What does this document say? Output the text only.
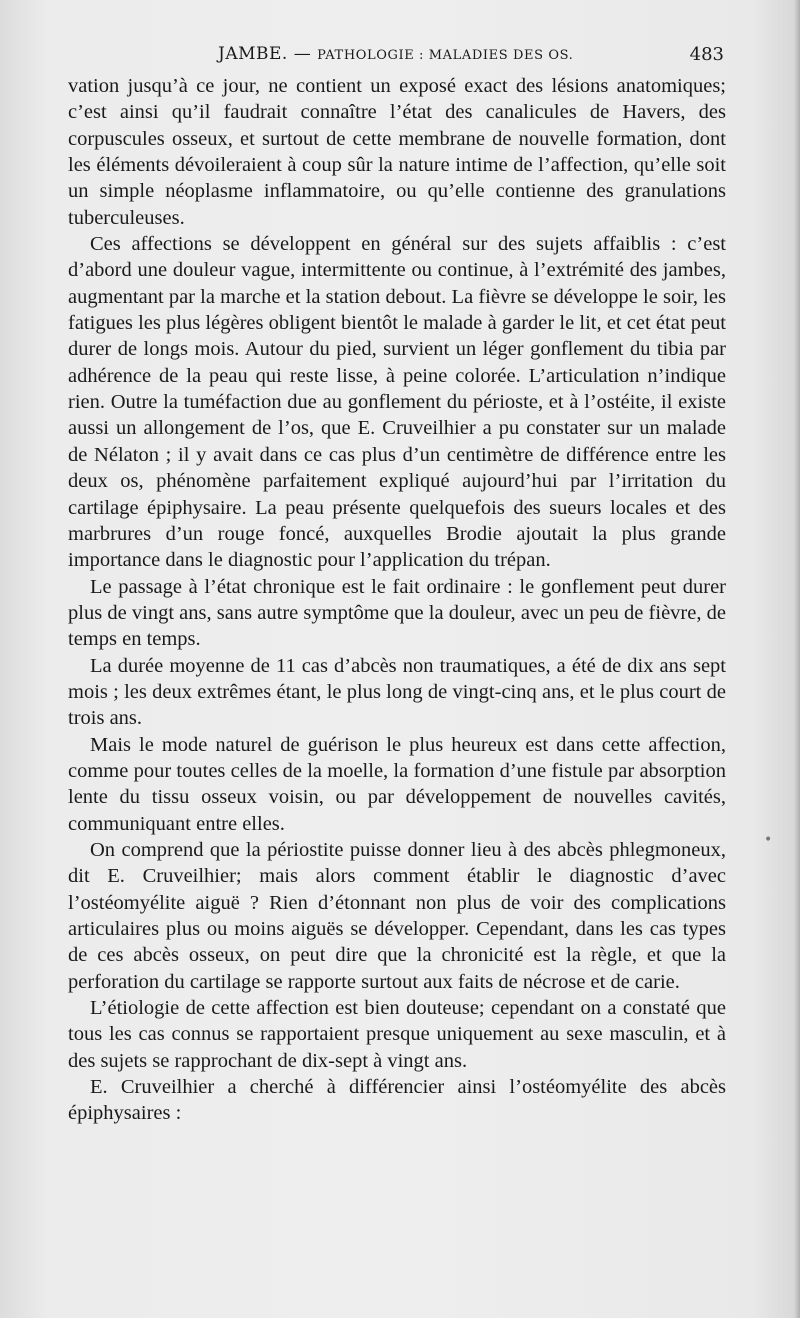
JAMBE. — PATHOLOGIE : MALADIES DES OS.	483

vation jusqu’à ce jour, ne contient un exposé exact des lésions anatomiques; c’est ainsi qu’il faudrait connaître l’état des canalicules de Havers, des corpuscules osseux, et surtout de cette membrane de nouvelle formation, dont les éléments dévoileraient à coup sûr la nature intime de l’affection, qu’elle soit un simple néoplasme inflammatoire, ou qu’elle contienne des granulations tuberculeuses.

Ces affections se développent en général sur des sujets affaiblis : c’est d’abord une douleur vague, intermittente ou continue, à l’extrémité des jambes, augmentant par la marche et la station debout. La fièvre se développe le soir, les fatigues les plus légères obligent bientôt le malade à garder le lit, et cet état peut durer de longs mois. Autour du pied, survient un léger gonflement du tibia par adhérence de la peau qui reste lisse, à peine colorée. L’articulation n’indique rien. Outre la tuméfaction due au gonflement du périoste, et à l’ostéite, il existe aussi un allongement de l’os, que E. Cruveilhier a pu constater sur un malade de Nélaton ; il y avait dans ce cas plus d’un centimètre de différence entre les deux os, phénomène parfaitement expliqué aujourd’hui par l’irritation du cartilage épiphysaire. La peau présente quelquefois des sueurs locales et des marbrures d’un rouge foncé, auxquelles Brodie ajoutait la plus grande importance dans le diagnostic pour l’application du trépan.

Le passage à l’état chronique est le fait ordinaire : le gonflement peut durer plus de vingt ans, sans autre symptôme que la douleur, avec un peu de fièvre, de temps en temps.

La durée moyenne de 11 cas d’abcès non traumatiques, a été de dix ans sept mois ; les deux extrêmes étant, le plus long de vingt-cinq ans, et le plus court de trois ans.

Mais le mode naturel de guérison le plus heureux est dans cette affection, comme pour toutes celles de la moelle, la formation d’une fistule par absorption lente du tissu osseux voisin, ou par développement de nouvelles cavités, communiquant entre elles.

On comprend que la périostite puisse donner lieu à des abcès phlegmoneux, dit E. Cruveilhier; mais alors comment établir le diagnostic d’avec l’ostéomyélite aiguë ? Rien d’étonnant non plus de voir des complications articulaires plus ou moins aiguës se développer. Cependant, dans les cas types de ces abcès osseux, on peut dire que la chronicité est la règle, et que la perforation du cartilage se rapporte surtout aux faits de nécrose et de carie.

L’étiologie de cette affection est bien douteuse; cependant on a constaté que tous les cas connus se rapportaient presque uniquement au sexe masculin, et à des sujets se rapprochant de dix-sept à vingt ans.

E. Cruveilhier a cherché à différencier ainsi l’ostéomyélite des abcès épiphysaires :

•
